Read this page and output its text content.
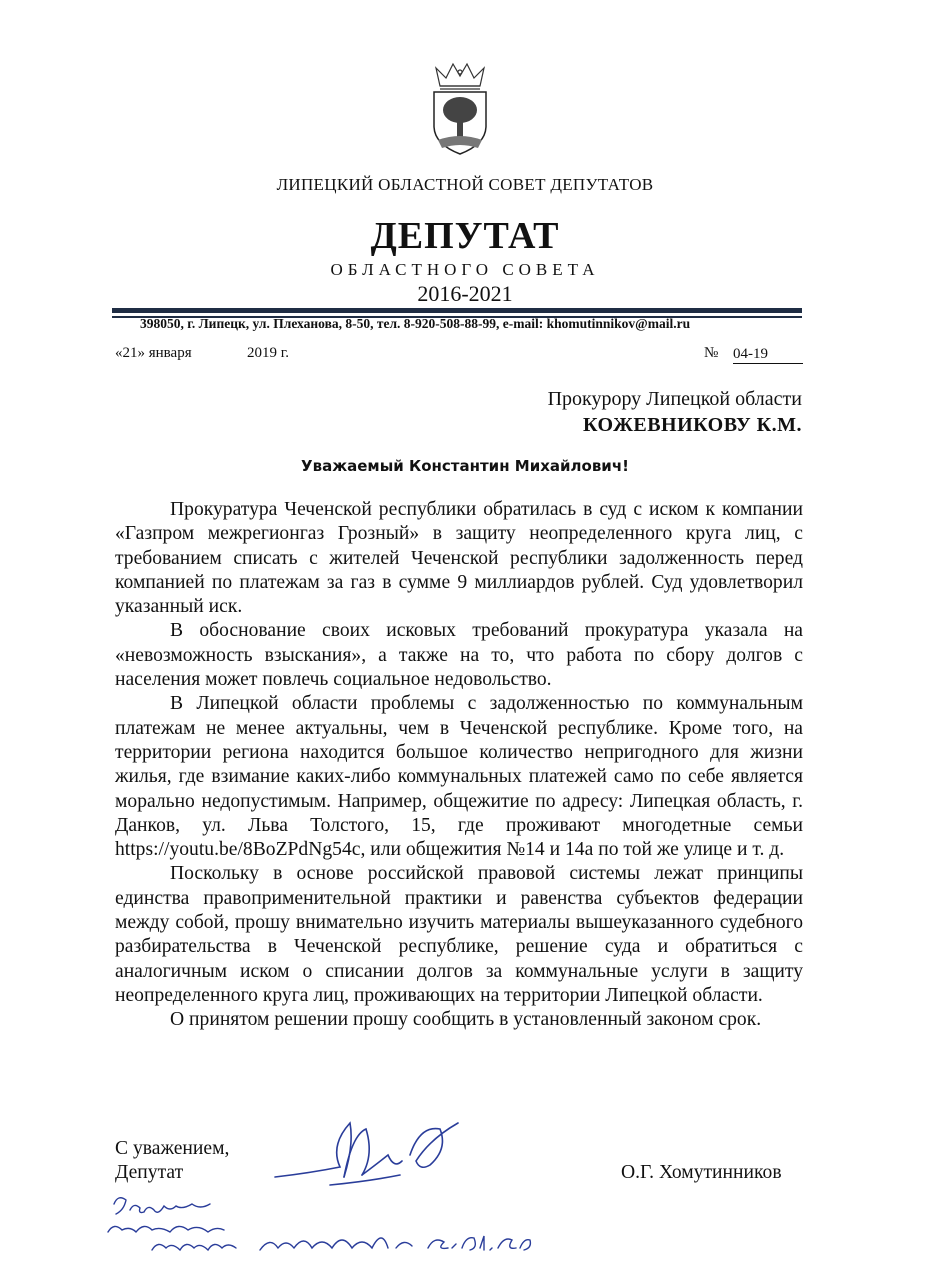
ЛИПЕЦКИЙ ОБЛАСТНОЙ СОВЕТ ДЕПУТАТОВ
ДЕПУТАТ
ОБЛАСТНОГО СОВЕТА
2016-2021
398050, г. Липецк, ул. Плеханова, 8-50, тел. 8-920-508-88-99, e-mail: khomutinnikov@mail.ru
«21» января	2019 г.	№ 04-19
Прокурору Липецкой области
КОЖЕВНИКОВУ К.М.
Уважаемый Константин Михайлович!

Прокуратура Чеченской республики обратилась в суд с иском к компании «Газпром межрегионгаз Грозный» в защиту неопределенного круга лиц, с требованием списать с жителей Чеченской республики задолженность перед компанией по платежам за газ в сумме 9 миллиардов рублей. Суд удовлетворил указанный иск.

В обоснование своих исковых требований прокуратура указала на «невозможность взыскания», а также на то, что работа по сбору долгов с населения может повлечь социальное недовольство.

В Липецкой области проблемы с задолженностью по коммунальным платежам не менее актуальны, чем в Чеченской республике. Кроме того, на территории региона находится большое количество непригодного для жизни жилья, где взимание каких-либо коммунальных платежей само по себе является морально недопустимым. Например, общежитие по адресу: Липецкая область, г. Данков, ул. Льва Толстого, 15, где проживают многодетные семьи https://youtu.be/8BoZPdNg54c, или общежития №14 и 14а по той же улице и т. д.

Поскольку в основе российской правовой системы лежат принципы единства правоприменительной практики и равенства субъектов федерации между собой, прошу внимательно изучить материалы вышеуказанного судебного разбирательства в Чеченской республике, решение суда и обратиться с аналогичным иском о списании долгов за коммунальные услуги в защиту неопределенного круга лиц, проживающих на территории Липецкой области.

О принятом решении прошу сообщить в установленный законом срок.

С уважением,
Депутат	О.Г. Хомутинников
